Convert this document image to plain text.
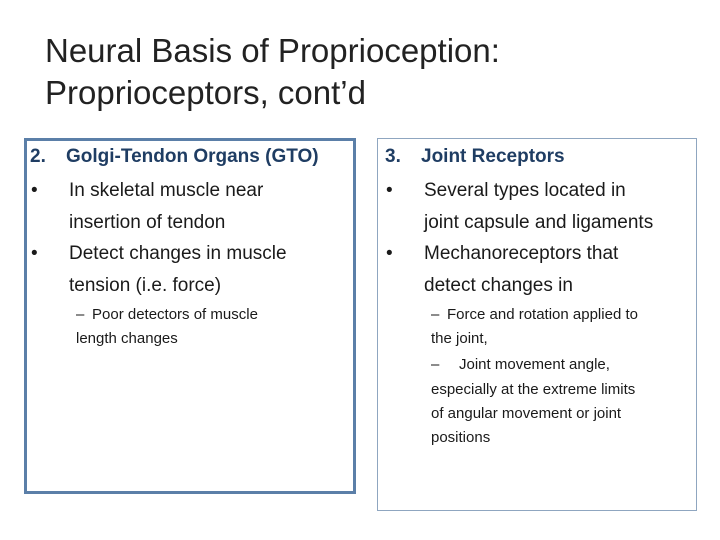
Neural Basis of Proprioception:
Proprioceptors, cont’d
2. Golgi-Tendon Organs (GTO)
•	In skeletal muscle near
insertion of tendon
•	Detect changes in muscle
tension (i.e. force)
– Poor detectors of muscle
length changes
3. Joint Receptors
•	Several types located in
joint capsule and ligaments
•	Mechanoreceptors that
detect changes in
– Force and rotation applied to
the joint,
– Joint movement angle,
especially at the extreme limits
of angular movement or joint
positions
